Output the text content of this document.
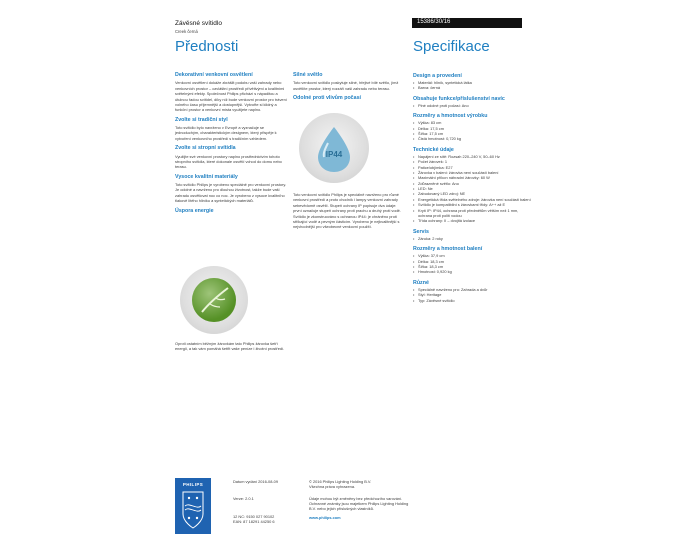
Závěsné svítidlo
Creek černá
15386/30/16
Přednosti	Specifikace
Dekorativní venkovní osvětlení
Venkovní osvětlení dokáže zkrášlit podobu vaší zahrady nebo venkovních prostor – ozvláštní prostředí přívětivými a kvalitními světelnými efekty. Společnost Philips přichází s nápaditou a útulnou řadou svítidel, díky níž bude venkovní prostor pro trávení volného času příjemnější a dostupnější. Vytvořte si klidný a funkční prostor a venkovní místa využijete naplno.
Zvolte si tradiční styl
Toto svítidlo bylo navrženo v Evropě a vyznačuje se jednoduchým, charakteristickým designem, který přispěje k vytvoření venkovního prostředí s tradičním vzhledem.
Zvolte si stropní svítidla
Využijte své venkovní prostory naplno prostřednictvím tohoto stropního svítidla, které dokonale osvětlí vchod do domu nebo terasu.
Vysoce kvalitní materiály
Toto svítidlo Philips je vyrobeno speciálně pro venkovní prostory. Je odolné a navrženo pro dlouhou životnost, takže bude vaši zahradu osvětlovat noc co noc. Je vyrobeno z vysoce kvalitního tlakově litého hliníku a syntetických materiálů.
Úspora energie
Oproti ostatním běžným žárovkám tato Philips žárovka šetří energii, a tak vám pomáhá šetřit vaše peníze i životní prostředí.
Silné světlo
Toto venkovní svítidlo poskytuje silné, hřejivé bílé světlo, jímž osvětlíte prostor, který rozzáří vaši zahradu nebo terasu.
Odolné proti vlivům počasí
IP44
Toto venkovní svítidlo Philips je speciálně navrženo pro různé venkovní prostředí a proto chodník i lampy venkovní zahrady sebevědomě osvětlí. Stupeň ochrany IP popisuje dva údaje: první označuje stupeň ochrany proti prachu a druhý proti vodě. Svítidlo je zkonstruováno s ochranou IP44: je chráněno proti stříkající vodě a pevným částicím. Vyrobeno je nejkvalitnější s nejvhodnější pro všeobecné venkovní použití.
Design a provedení
• Materiál: hliník, syntetická látka
• Barva: černá
Obsahuje funkce/příslušenství navíc
• Plné odolné proti počasí: Ano
Rozměry a hmotnost výrobku
• Výška: 83 cm
• Délka: 17,5 cm
• Šířka: 17,5 cm
• Čistá hmotnost: 0,720 kg
Technické údaje
• Napájení ze sítě: Rozsah 220–240 V, 50–60 Hz
• Počet žárovek: 1
• Patice/objímka: E27
• Žárovka v balení: žárovka není součástí balení
• Maximální příkon náhradní žárovky: 60 W
• Zdůrazněné světlo: Ano
• LED: Ne
• Zabudovaný LED zdroj: NE
• Energetická třída světelného zdroje: žárovka není součástí balení
• Svítidlo je kompatibilní s žárovkami třídy: A++ až E
• Krytí IP: IP44, ochrana proti předmětům větším než 1 mm, ochrana proti polití vodou
• Třída ochrany: II – dvojitá izolace
Servis
• Záruka: 2 roky
Rozměry a hmotnost balení
• Výška: 37,9 cm
• Délka: 18,3 cm
• Šířka: 18,3 cm
• Hmotnost: 0,920 kg
Různé
• Speciálně navrženo pro: Zahrada a dvůr
• Styl: Heritage
• Typ: Závěsné svítidlo
PHILIPS
Datum vydání 2016-08-09
Verze: 2.0.1
12 NC: 9150 027 90102
EAN: 87 18291 44250 6
© 2016 Philips Lighting Holding B.V.
Všechna práva vyhrazena.
Údaje mohou být změněny bez předchozího varování. Ochranné známky jsou majetkem Philips Lighting Holding B.V. nebo jejich příslušných vlastníků.
www.philips.com
